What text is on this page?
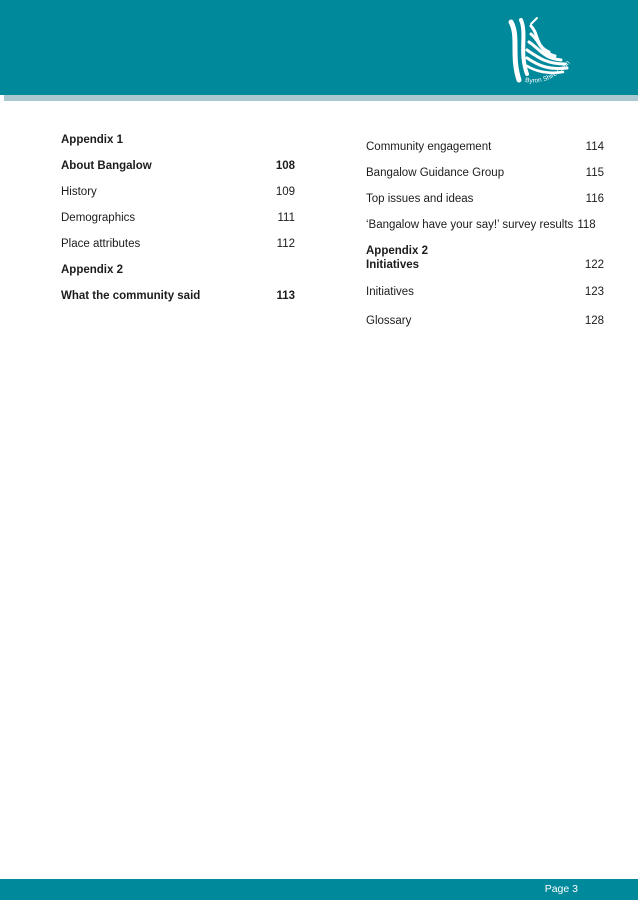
Byron Shire Coun
Appendix 1
About Bangalow	108
History	109
Demographics	111
Place attributes	112
Appendix 2
What the community said	113
Community engagement	114
Bangalow Guidance Group	115
Top issues and ideas	116
‘Bangalow have your say!’ survey results 118
Appendix 2
Initiatives	122
Initiatives	123
Glossary	128
Page 3
